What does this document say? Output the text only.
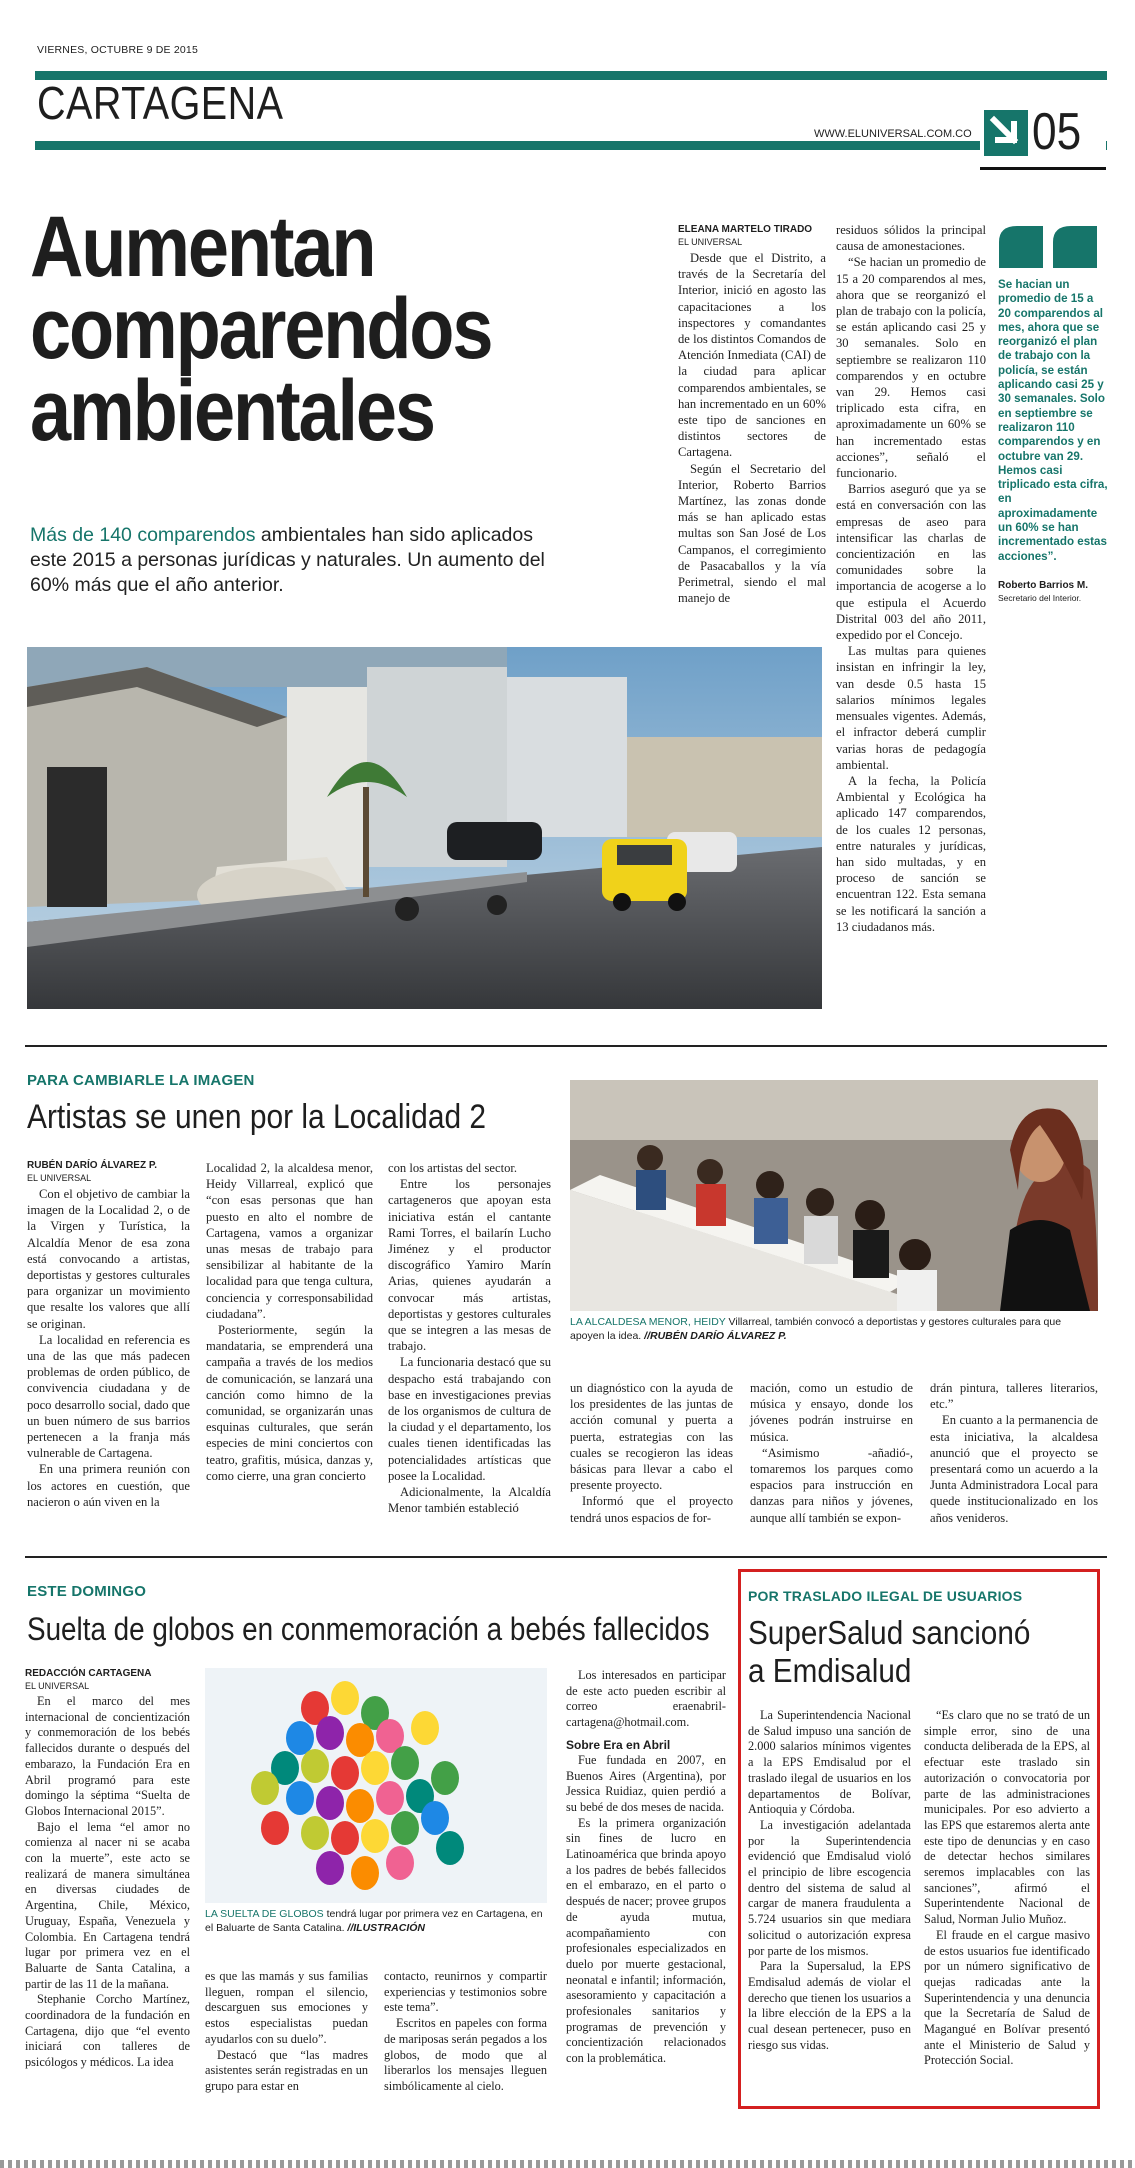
VIERNES, OCTUBRE 9 DE 2015
CARTAGENA
WWW.ELUNIVERSAL.COM.CO 05
Aumentan comparendos ambientales
Más de 140 comparendos ambientales han sido aplicados este 2015 a personas jurídicas y naturales. Un aumento del 60% más que el año anterior.
ELEANA MARTELO TIRADO
EL UNIVERSAL

Desde que el Distrito, a través de la Secretaría del Interior, inició en agosto las capacitaciones a los inspectores y comandantes de los distintos Comandos de Atención Inmediata (CAI) de la ciudad para aplicar comparendos ambientales, se han incrementado en un 60% este tipo de sanciones en distintos sectores de Cartagena.

Según el Secretario del Interior, Roberto Barrios Martínez, las zonas donde más se han aplicado estas multas son San José de Los Campanos, el corregimiento de Pasacaballos y la vía Perimetral, siendo el mal manejo de

residuos sólidos la principal causa de amonestaciones.

“Se hacian un promedio de 15 a 20 comparendos al mes, ahora que se reorganizó el plan de trabajo con la policía, se están aplicando casi 25 y 30 semanales. Solo en septiembre se realizaron 110 comparendos y en octubre van 29. Hemos casi triplicado esta cifra, en aproximadamente un 60% se han incrementado estas acciones”, señaló el funcionario.

Barrios aseguró que ya se está en conversación con las empresas de aseo para intensificar las charlas de concientización en las comunidades sobre la importancia de acogerse a lo que estipula el Acuerdo Distrital 003 del año 2011, expedido por el Concejo.

Las multas para quienes insistan en infringir la ley, van desde 0.5 hasta 15 salarios mínimos legales mensuales vigentes. Además, el infractor deberá cumplir varias horas de pedagogía ambiental.

A la fecha, la Policía Ambiental y Ecológica ha aplicado 147 comparendos, de los cuales 12 personas, entre naturales y jurídicas, han sido multadas, y en proceso de sanción se encuentran 122. Esta semana se les notificará la sanción a 13 ciudadanos más.

Se hacian un promedio de 15 a 20 comparendos al mes, ahora que se reorganizó el plan de trabajo con la policía, se están aplicando casi 25 y 30 semanales. Solo en septiembre se realizaron 110 comparendos y en octubre van 29. Hemos casi triplicado esta cifra, en aproximadamente un 60% se han incrementado estas acciones”.
Roberto Barrios M.
Secretario del Interior.
PARA CAMBIARLE LA IMAGEN
Artistas se unen por la Localidad 2
RUBÉN DARÍO ÁLVAREZ P.
EL UNIVERSAL

Con el objetivo de cambiar la imagen de la Localidad 2, o de la Virgen y Turística, la Alcaldía Menor de esa zona está convocando a artistas, deportistas y gestores culturales para organizar un movimiento que resalte los valores que allí se originan.

La localidad en referencia es una de las que más padecen problemas de orden público, de convivencia ciudadana y de poco desarrollo social, dado que un buen número de sus barrios pertenecen a la franja más vulnerable de Cartagena.

En una primera reunión con los actores en cuestión, que nacieron o aún viven en la

Localidad 2, la alcaldesa menor, Heidy Villarreal, explicó que “con esas personas que han puesto en alto el nombre de Cartagena, vamos a organizar unas mesas de trabajo para sensibilizar al habitante de la localidad para que tenga cultura, conciencia y corresponsabilidad ciudadana”.

Posteriormente, según la mandataria, se emprenderá una campaña a través de los medios de comunicación, se lanzará una canción como himno de la comunidad, se organizarán unas esquinas culturales, que serán especies de mini conciertos con teatro, grafitis, música, danzas y, como cierre, una gran concierto

con los artistas del sector.

Entre los personajes cartageneros que apoyan esta iniciativa están el cantante Rami Torres, el bailarín Lucho Jiménez y el productor discográfico Yamiro Marín Arias, quienes ayudarán a convocar más artistas, deportistas y gestores culturales que se integren a las mesas de trabajo.

La funcionaria destacó que su despacho está trabajando con base en investigaciones previas de los organismos de cultura de la ciudad y el departamento, los cuales tienen identificadas las potencialidades artísticas que posee la Localidad.

Adicionalmente, la Alcaldía Menor también estableció

LA ALCALDESA MENOR, HEIDY Villarreal, también convocó a deportistas y gestores culturales para que apoyen la idea. //RUBÉN DARÍO ÁLVAREZ P.

un diagnóstico con la ayuda de los presidentes de las juntas de acción comunal y puerta a puerta, estrategias con las cuales se recogieron las ideas básicas para llevar a cabo el presente proyecto.

Informó que el proyecto tendrá unos espacios de for-

mación, como un estudio de música y ensayo, donde los jóvenes podrán instruirse en música.

“Asimismo -añadió-, tomaremos los parques como espacios para instrucción en danzas para niños y jóvenes, aunque allí también se expon-

drán pintura, talleres literarios, etc.”

En cuanto a la permanencia de esta iniciativa, la alcaldesa anunció que el proyecto se presentará como un acuerdo a la Junta Administradora Local para quede institucionalizado en los años venideros.

ESTE DOMINGO
Suelta de globos en conmemoración a bebés fallecidos
REDACCIÓN CARTAGENA
EL UNIVERSAL

En el marco del mes internacional de concientización y conmemoración de los bebés fallecidos durante o después del embarazo, la Fundación Era en Abril programó para este domingo la séptima “Suelta de Globos Internacional 2015”.

Bajo el lema “el amor no comienza al nacer ni se acaba con la muerte”, este acto se realizará de manera simultánea en diversas ciudades de Argentina, Chile, México, Uruguay, España, Venezuela y Colombia. En Cartagena tendrá lugar por primera vez en el Baluarte de Santa Catalina, a partir de las 11 de la mañana.

Stephanie Corcho Martínez, coordinadora de la fundación en Cartagena, dijo que “el evento iniciará con talleres de psicólogos y médicos. La idea

LA SUELTA DE GLOBOS tendrá lugar por primera vez en Cartagena, en el Baluarte de Santa Catalina. //ILUSTRACIÓN

es que las mamás y sus familias lleguen, rompan el silencio, descarguen sus emociones y estos especialistas puedan ayudarlos con su duelo”.

Destacó que “las madres asistentes serán registradas en un grupo para estar en

contacto, reunirnos y compartir experiencias y testimonios sobre este tema”.

Escritos en papeles con forma de mariposas serán pegados a los globos, de modo que al liberarlos los mensajes lleguen simbólicamente al cielo.

Los interesados en participar de este acto pueden escribir al correo eraenabril-cartagena@hotmail.com.

Sobre Era en Abril

Fue fundada en 2007, en Buenos Aires (Argentina), por Jessica Ruidiaz, quien perdió a su bebé de dos meses de nacida.

Es la primera organización sin fines de lucro en Latinoamérica que brinda apoyo a los padres de bebés fallecidos en el embarazo, en el parto o después de nacer; provee grupos de ayuda mutua, acompañamiento con profesionales especializados en duelo por muerte gestacional, neonatal e infantil; información, asesoramiento y capacitación a profesionales sanitarios y programas de prevención y concientización relacionados con la problemática.

POR TRASLADO ILEGAL DE USUARIOS
SuperSalud sancionó a Emdisalud

La Superintendencia Nacional de Salud impuso una sanción de 2.000 salarios mínimos vigentes a la EPS Emdisalud por el traslado ilegal de usuarios en los departamentos de Bolívar, Antioquia y Córdoba.

La investigación adelantada por la Superintendencia evidenció que Emdisalud violó el principio de libre escogencia dentro del sistema de salud al cargar de manera fraudulenta a 5.724 usuarios sin que mediara solicitud o autorización expresa por parte de los mismos.

Para la Supersalud, la EPS Emdisalud además de violar el derecho que tienen los usuarios a la libre elección de la EPS a la cual desean pertenecer, puso en riesgo sus vidas.

“Es claro que no se trató de un simple error, sino de una conducta deliberada de la EPS, al efectuar este traslado sin autorización o convocatoria por parte de las administraciones municipales. Por eso advierto a las EPS que estaremos alerta ante este tipo de denuncias y en caso de detectar hechos similares seremos implacables con las sanciones”, afirmó el Superintendente Nacional de Salud, Norman Julio Muñoz.

El fraude en el cargue masivo de estos usuarios fue identificado por un número significativo de quejas radicadas ante la Superintendencia y una denuncia que la Secretaría de Salud de Magangué en Bolívar presentó ante el Ministerio de Salud y Protección Social.
